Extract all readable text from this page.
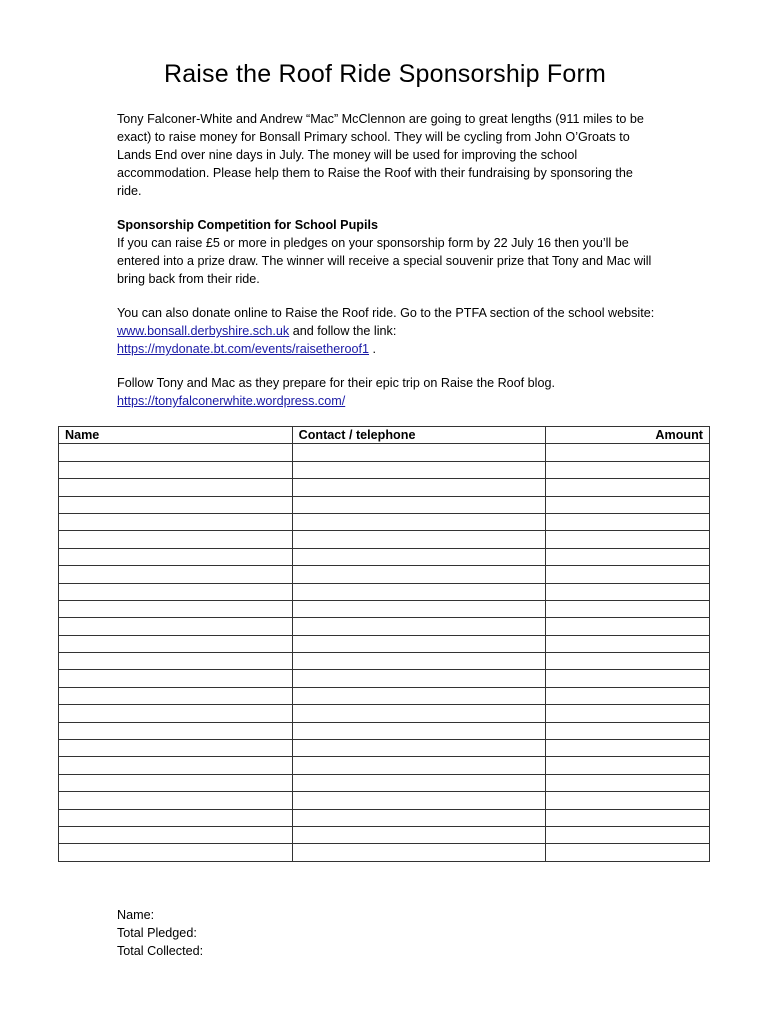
Raise the Roof Ride Sponsorship Form

Tony Falconer-White and Andrew “Mac” McClennon are going to great lengths (911 miles to be exact) to raise money for Bonsall Primary school. They will be cycling from John O’Groats to Lands End over nine days in July. The money will be used for improving the school accommodation. Please help them to Raise the Roof with their fundraising by sponsoring the ride.

Sponsorship Competition for School Pupils

If you can raise £5 or more in pledges on your sponsorship form by 22 July 16 then you’ll be entered into a prize draw. The winner will receive a special souvenir prize that Tony and Mac will bring back from their ride.

You can also donate online to Raise the Roof ride. Go to the PTFA section of the school website: www.bonsall.derbyshire.sch.uk and follow the link:
https://mydonate.bt.com/events/raisetheroof1 .

Follow Tony and Mac as they prepare for their epic trip on Raise the Roof blog.

https://tonyfalconerwhite.wordpress.com/
Name	Contact / telephone	Amount

Name:
Total Pledged:
Total Collected:
